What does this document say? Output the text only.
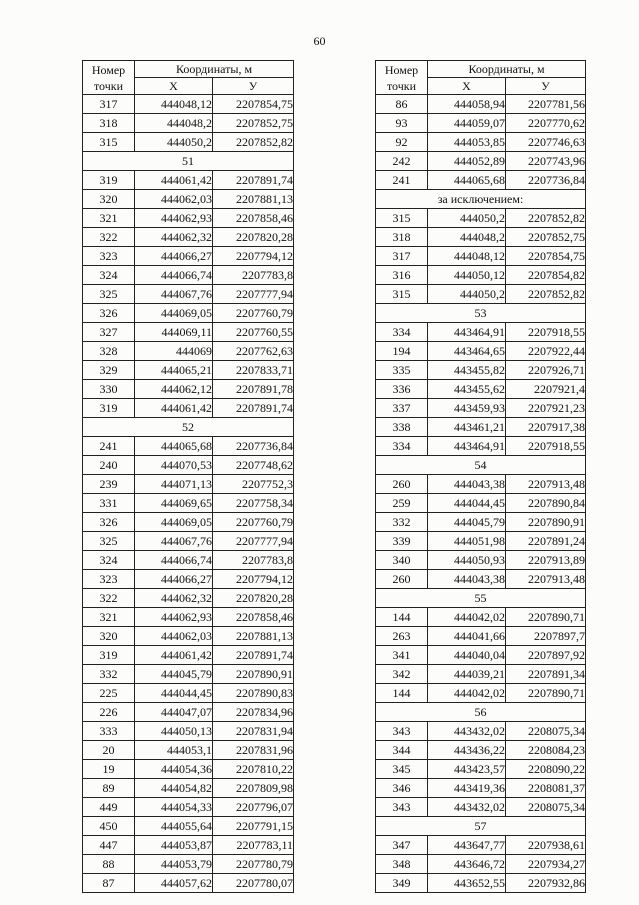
60
Номер
точки	Координаты, м	
	X	У
317	444048,12	2207854,75
318	444048,2	2207852,75
315	444050,2	2207852,82
51		
319	444061,42	2207891,74
320	444062,03	2207881,13
321	444062,93	2207858,46
322	444062,32	2207820,28
323	444066,27	2207794,12
324	444066,74	2207783,8
325	444067,76	2207777,94
326	444069,05	2207760,79
327	444069,11	2207760,55
328	444069	2207762,63
329	444065,21	2207833,71
330	444062,12	2207891,78
319	444061,42	2207891,74
52		
241	444065,68	2207736,84
240	444070,53	2207748,62
239	444071,13	2207752,3
331	444069,65	2207758,34
326	444069,05	2207760,79
325	444067,76	2207777,94
324	444066,74	2207783,8
323	444066,27	2207794,12
322	444062,32	2207820,28
321	444062,93	2207858,46
320	444062,03	2207881,13
319	444061,42	2207891,74
332	444045,79	2207890,91
225	444044,45	2207890,83
226	444047,07	2207834,96
333	444050,13	2207831,94
20	444053,1	2207831,96
19	444054,36	2207810,22
89	444054,82	2207809,98
449	444054,33	2207796,07
450	444055,64	2207791,15
447	444053,87	2207783,11
88	444053,79	2207780,79
87	444057,62	2207780,07
Номер
точки	Координаты, м	
	X	У
86	444058,94	2207781,56
93	444059,07	2207770,62
92	444053,85	2207746,63
242	444052,89	2207743,96
241	444065,68	2207736,84
за исключением:		
315	444050,2	2207852,82
318	444048,2	2207852,75
317	444048,12	2207854,75
316	444050,12	2207854,82
315	444050,2	2207852,82
53		
334	443464,91	2207918,55
194	443464,65	2207922,44
335	443455,82	2207926,71
336	443455,62	2207921,4
337	443459,93	2207921,23
338	443461,21	2207917,38
334	443464,91	2207918,55
54		
260	444043,38	2207913,48
259	444044,45	2207890,84
332	444045,79	2207890,91
339	444051,98	2207891,24
340	444050,93	2207913,89
260	444043,38	2207913,48
55		
144	444042,02	2207890,71
263	444041,66	2207897,7
341	444040,04	2207897,92
342	444039,21	2207891,34
144	444042,02	2207890,71
56		
343	443432,02	2208075,34
344	443436,22	2208084,23
345	443423,57	2208090,22
346	443419,36	2208081,37
343	443432,02	2208075,34
57		
347	443647,77	2207938,61
348	443646,72	2207934,27
349	443652,55	2207932,86
